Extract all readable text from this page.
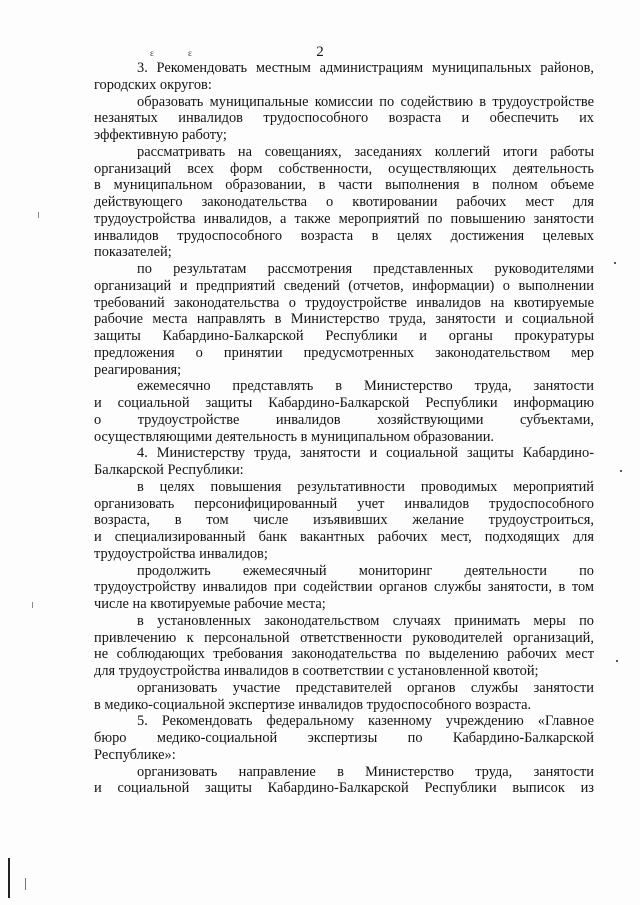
ε ε	2
3. Рекомендовать местным администрациям муниципальных районов,
городских округов:
образовать муниципальные комиссии по содействию в трудоустройстве
незанятых инвалидов трудоспособного возраста и обеспечить их
эффективную работу;
рассматривать на совещаниях, заседаниях коллегий итоги работы
организаций всех форм собственности, осуществляющих деятельность
в муниципальном образовании, в части выполнения в полном объеме
действующего законодательства о квотировании рабочих мест для
трудоустройства инвалидов, а также мероприятий по повышению занятости
инвалидов трудоспособного возраста в целях достижения целевых
показателей;
по результатам рассмотрения представленных руководителями
организаций и предприятий сведений (отчетов, информации) о выполнении
требований законодательства о трудоустройстве инвалидов на квотируемые
рабочие места направлять в Министерство труда, занятости и социальной
защиты Кабардино-Балкарской Республики и органы прокуратуры
предложения о принятии предусмотренных законодательством мер
реагирования;
ежемесячно представлять в Министерство труда, занятости
и социальной защиты Кабардино-Балкарской Республики информацию
о трудоустройстве инвалидов хозяйствующими субъектами,
осуществляющими деятельность в муниципальном образовании.
4. Министерству труда, занятости и социальной защиты Кабардино-
Балкарской Республики:
в целях повышения результативности проводимых мероприятий
организовать персонифицированный учет инвалидов трудоспособного
возраста, в том числе изъявивших желание трудоустроиться,
и специализированный банк вакантных рабочих мест, подходящих для
трудоустройства инвалидов;
продолжить ежемесячный мониторинг деятельности по
трудоустройству инвалидов при содействии органов службы занятости, в том
числе на квотируемые рабочие места;
в установленных законодательством случаях принимать меры по
привлечению к персональной ответственности руководителей организаций,
не соблюдающих требования законодательства по выделению рабочих мест
для трудоустройства инвалидов в соответствии с установленной квотой;
организовать участие представителей органов службы занятости
в медико-социальной экспертизе инвалидов трудоспособного возраста.
5. Рекомендовать федеральному казенному учреждению «Главное
бюро медико-социальной экспертизы по Кабардино-Балкарской
Республике»:
организовать направление в Министерство труда, занятости
и социальной защиты Кабардино-Балкарской Республики выписок из
